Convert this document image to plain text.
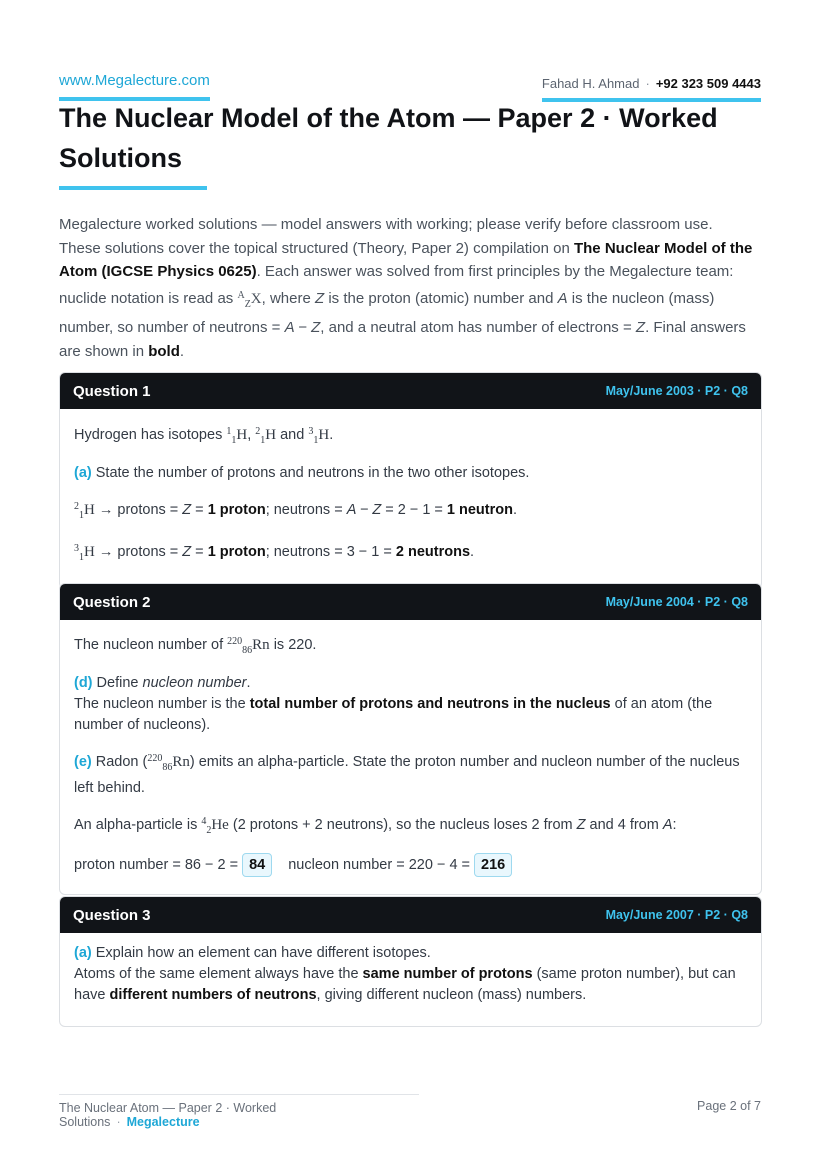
www.Megalecture.com	Fahad H. Ahmad · +92 323 509 4443
The Nuclear Model of the Atom — Paper 2 · Worked Solutions

Megalecture worked solutions — model answers with working; please verify before classroom use.
These solutions cover the topical structured (Theory, Paper 2) compilation on The Nuclear Model of the Atom (IGCSE Physics 0625). Each answer was solved from first principles by the Megalecture team: nuclide notation is read as $^A_Z$X, where Z is the proton (atomic) number and A is the nucleon (mass) number, so number of neutrons = A − Z, and a neutral atom has number of electrons = Z. Final answers are shown in bold.

Question 1	May/June 2003 · P2 · Q8

Hydrogen has isotopes $^1_1$H, $^2_1$H and $^3_1$H.

(a) State the number of protons and neutrons in the two other isotopes.

$^2_1$H → protons = Z = 1 proton; neutrons = A − Z = 2 − 1 = 1 neutron.

$^3_1$H → protons = Z = 1 proton; neutrons = 3 − 1 = 2 neutrons.

Question 2	May/June 2004 · P2 · Q8

The nucleon number of $^{220}_{86}$Rn is 220.

(d) Define nucleon number.
The nucleon number is the total number of protons and neutrons in the nucleus of an atom (the number of nucleons).

(e) Radon ($^{220}_{86}$Rn) emits an alpha-particle. State the proton number and nucleon number of the nucleus left behind.

An alpha-particle is $^4_2$He (2 protons + 2 neutrons), so the nucleus loses 2 from Z and 4 from A:

proton number = 86 − 2 = 84 nucleon number = 220 − 4 = 216

Question 3	May/June 2007 · P2 · Q8

(a) Explain how an element can have different isotopes.
Atoms of the same element always have the same number of protons (same proton number), but can have different numbers of neutrons, giving different nucleon (mass) numbers.

The Nuclear Atom — Paper 2 · Worked Solutions · Megalecture
Page 2 of 7
